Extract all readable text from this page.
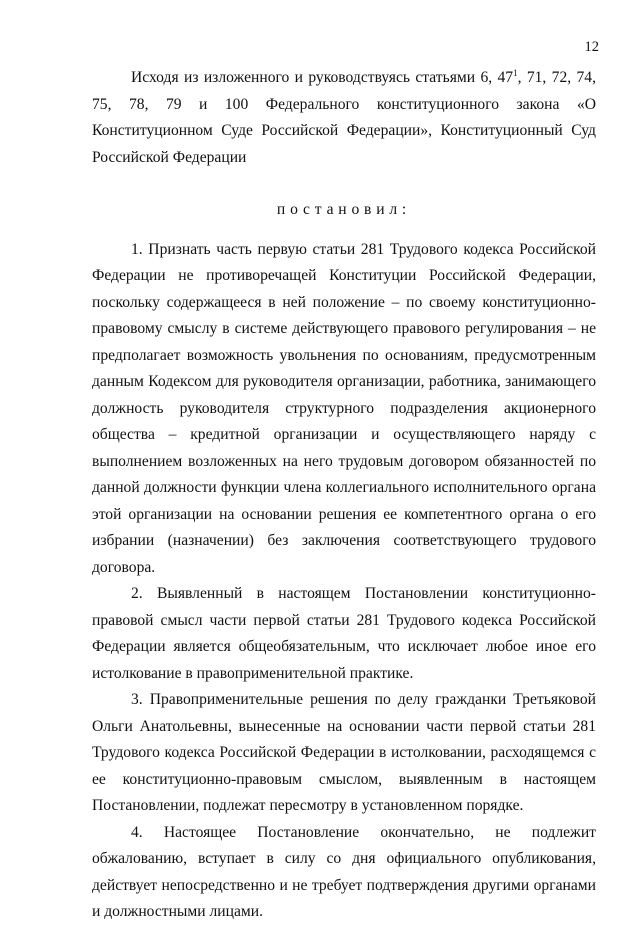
12

Исходя из изложенного и руководствуясь статьями 6, $47^1$, 71, 72, 74, 75, 78, 79 и 100 Федерального конституционного закона «О Конституционном Суде Российской Федерации», Конституционный Суд Российской Федерации

постановил:

1. Признать часть первую статьи 281 Трудового кодекса Российской Федерации не противоречащей Конституции Российской Федерации, поскольку содержащееся в ней положение – по своему конституционно-правовому смыслу в системе действующего правового регулирования – не предполагает возможность увольнения по основаниям, предусмотренным данным Кодексом для руководителя организации, работника, занимающего должность руководителя структурного подразделения акционерного общества – кредитной организации и осуществляющего наряду с выполнением возложенных на него трудовым договором обязанностей по данной должности функции члена коллегиального исполнительного органа этой организации на основании решения ее компетентного органа о его избрании (назначении) без заключения соответствующего трудового договора.

2. Выявленный в настоящем Постановлении конституционно-правовой смысл части первой статьи 281 Трудового кодекса Российской Федерации является общеобязательным, что исключает любое иное его истолкование в правоприменительной практике.

3. Правоприменительные решения по делу гражданки Третьяковой Ольги Анатольевны, вынесенные на основании части первой статьи 281 Трудового кодекса Российской Федерации в истолковании, расходящемся с ее конституционно-правовым смыслом, выявленным в настоящем Постановлении, подлежат пересмотру в установленном порядке.

4. Настоящее Постановление окончательно, не подлежит обжалованию, вступает в силу со дня официального опубликования, действует непосредственно и не требует подтверждения другими органами и должностными лицами.
